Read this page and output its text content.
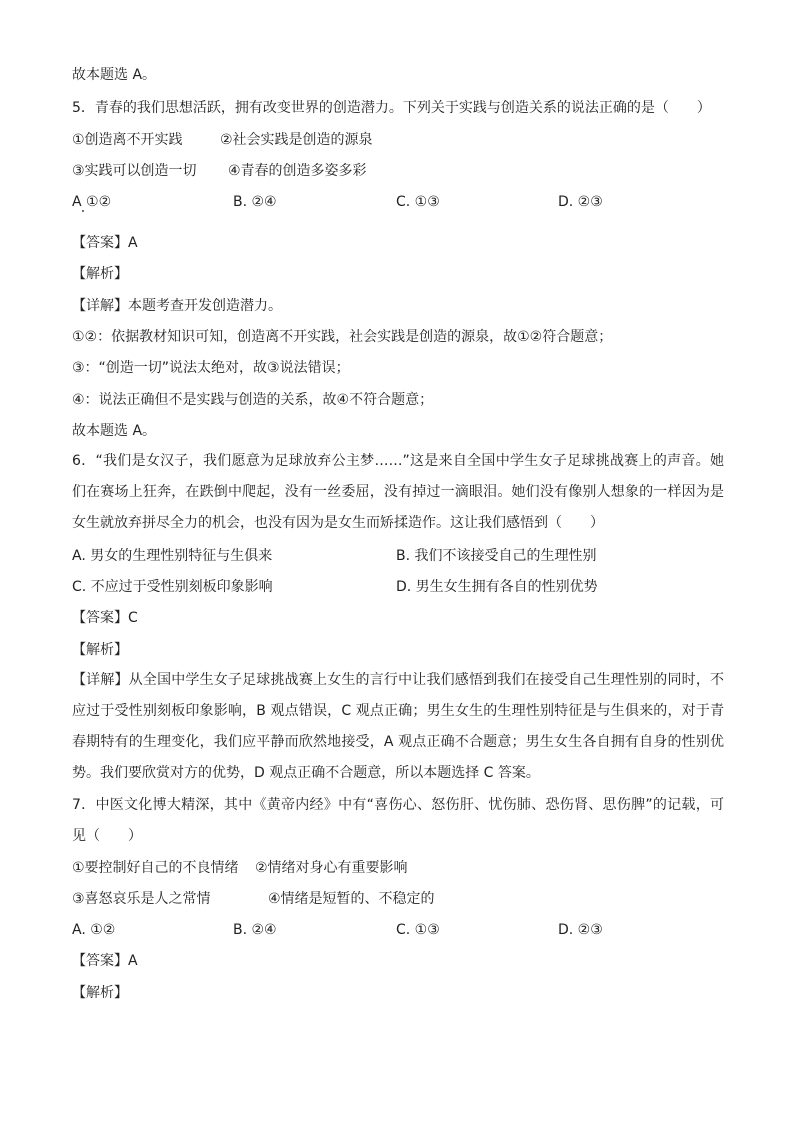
故本题选 A。
5．青春的我们思想活跃，拥有改变世界的创造潜力。下列关于实践与创造关系的说法正确的是（　　）
①创造离不开实践	②社会实践是创造的源泉
③实践可以创造一切 ④青春的创造多姿多彩
A ①②	B. ②④	C. ①③	D. ②③
【答案】A
【解析】
【详解】本题考查开发创造潜力。
①②：依据教材知识可知，创造离不开实践，社会实践是创造的源泉，故①②符合题意；
③：“创造一切”说法太绝对，故③说法错误；
④：说法正确但不是实践与创造的关系，故④不符合题意；
故本题选 A。
6．“我们是女汉子，我们愿意为足球放弃公主梦……”这是来自全国中学生女子足球挑战赛上的声音。她们在赛场上狂奔，在跌倒中爬起，没有一丝委屈，没有掉过一滴眼泪。她们没有像别人想象的一样因为是女生就放弃拼尽全力的机会，也没有因为是女生而矫揉造作。这让我们感悟到（　　）
A. 男女的生理性别特征与生俱来	B. 我们不该接受自己的生理性别
C. 不应过于受性别刻板印象影响	D. 男生女生拥有各自的性别优势
【答案】C
【解析】
【详解】从全国中学生女子足球挑战赛上女生的言行中让我们感悟到我们在接受自己生理性别的同时，不应过于受性别刻板印象影响，B 观点错误，C 观点正确；男生女生的生理性别特征是与生俱来的，对于青春期特有的生理变化，我们应平静而欣然地接受，A 观点正确不合题意；男生女生各自拥有自身的性别优势。我们要欣赏对方的优势，D 观点正确不合题意，所以本题选择 C 答案。
7．中医文化博大精深，其中《黄帝内经》中有“喜伤心、怒伤肝、忧伤肺、恐伤肾、思伤脾”的记载，可见（　　）
①要控制好自己的不良情绪 ②情绪对身心有重要影响
③喜怒哀乐是人之常情	④情绪是短暂的、不稳定的
A. ①②	B. ②④	C. ①③	D. ②③
【答案】A
【解析】
